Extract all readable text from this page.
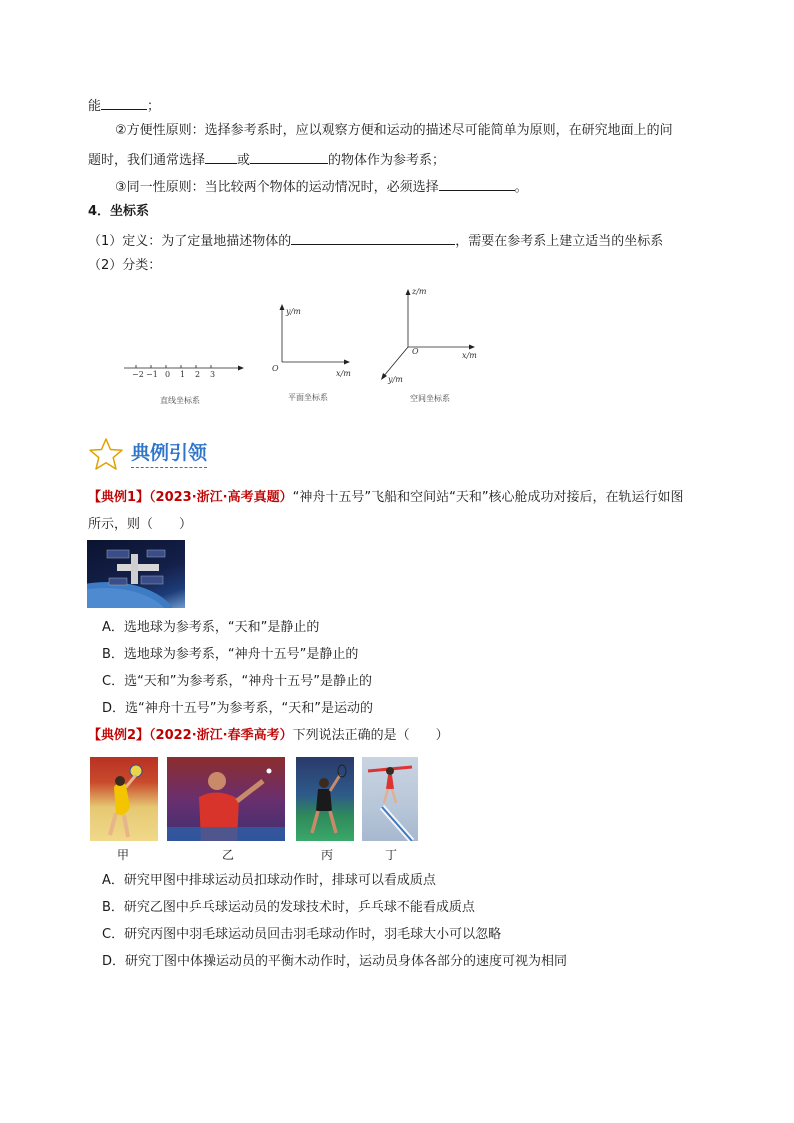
能	；
②方便性原则：选择参考系时，应以观察方便和运动的描述尽可能简单为原则，在研究地面上的问
题时，我们通常选择 或	的物体作为参考系；
③同一性原则：当比较两个物体的运动情况时，必须选择	。
4．坐标系
（1）定义：为了定量地描述物体的	，需要在参考系上建立适当的坐标系
（2）分类：
−2 −1 0 1 2 3
直线坐标系
y/m
x/m
O
平面坐标系
z/m
x/m
y/m
O
空间坐标系
典例引领
【典例1】（2023·浙江·高考真题）“神舟十五号”飞船和空间站“天和”核心舱成功对接后，在轨运行如图
所示，则（　　）
A．选地球为参考系，“天和”是静止的
B．选地球为参考系，“神舟十五号”是静止的
C．选“天和”为参考系，“神舟十五号”是静止的
D．选“神舟十五号”为参考系，“天和”是运动的
【典例2】（2022·浙江·春季高考）下列说法正确的是（　　）
甲	乙	丙	丁
A．研究甲图中排球运动员扣球动作时，排球可以看成质点
B．研究乙图中乒乓球运动员的发球技术时，乒乓球不能看成质点
C．研究丙图中羽毛球运动员回击羽毛球动作时，羽毛球大小可以忽略
D．研究丁图中体操运动员的平衡木动作时，运动员身体各部分的速度可视为相同
